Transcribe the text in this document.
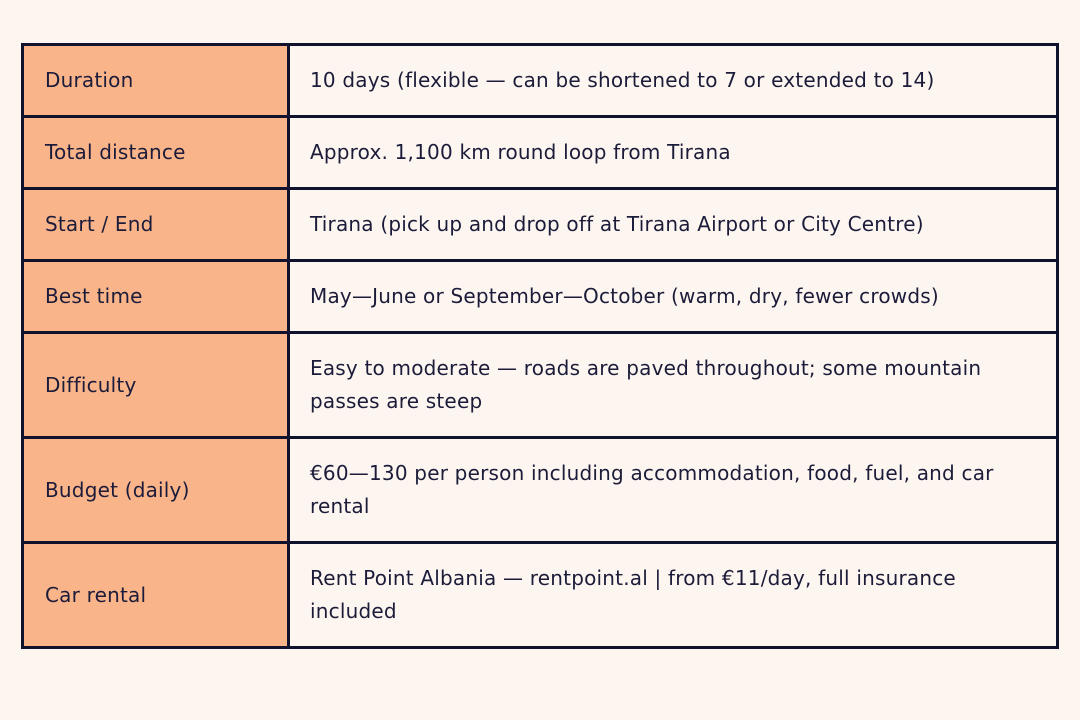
Duration	10 days (flexible — can be shortened to 7 or extended to 14)
Total distance	Approx. 1,100 km round loop from Tirana
Start / End	Tirana (pick up and drop off at Tirana Airport or City Centre)
Best time	May—June or September—October (warm, dry, fewer crowds)
Difficulty	Easy to moderate — roads are paved throughout; some mountain passes are steep
Budget (daily)	€60—130 per person including accommodation, food, fuel, and car rental
Car rental	Rent Point Albania — rentpoint.al | from €11/day, full insurance included
